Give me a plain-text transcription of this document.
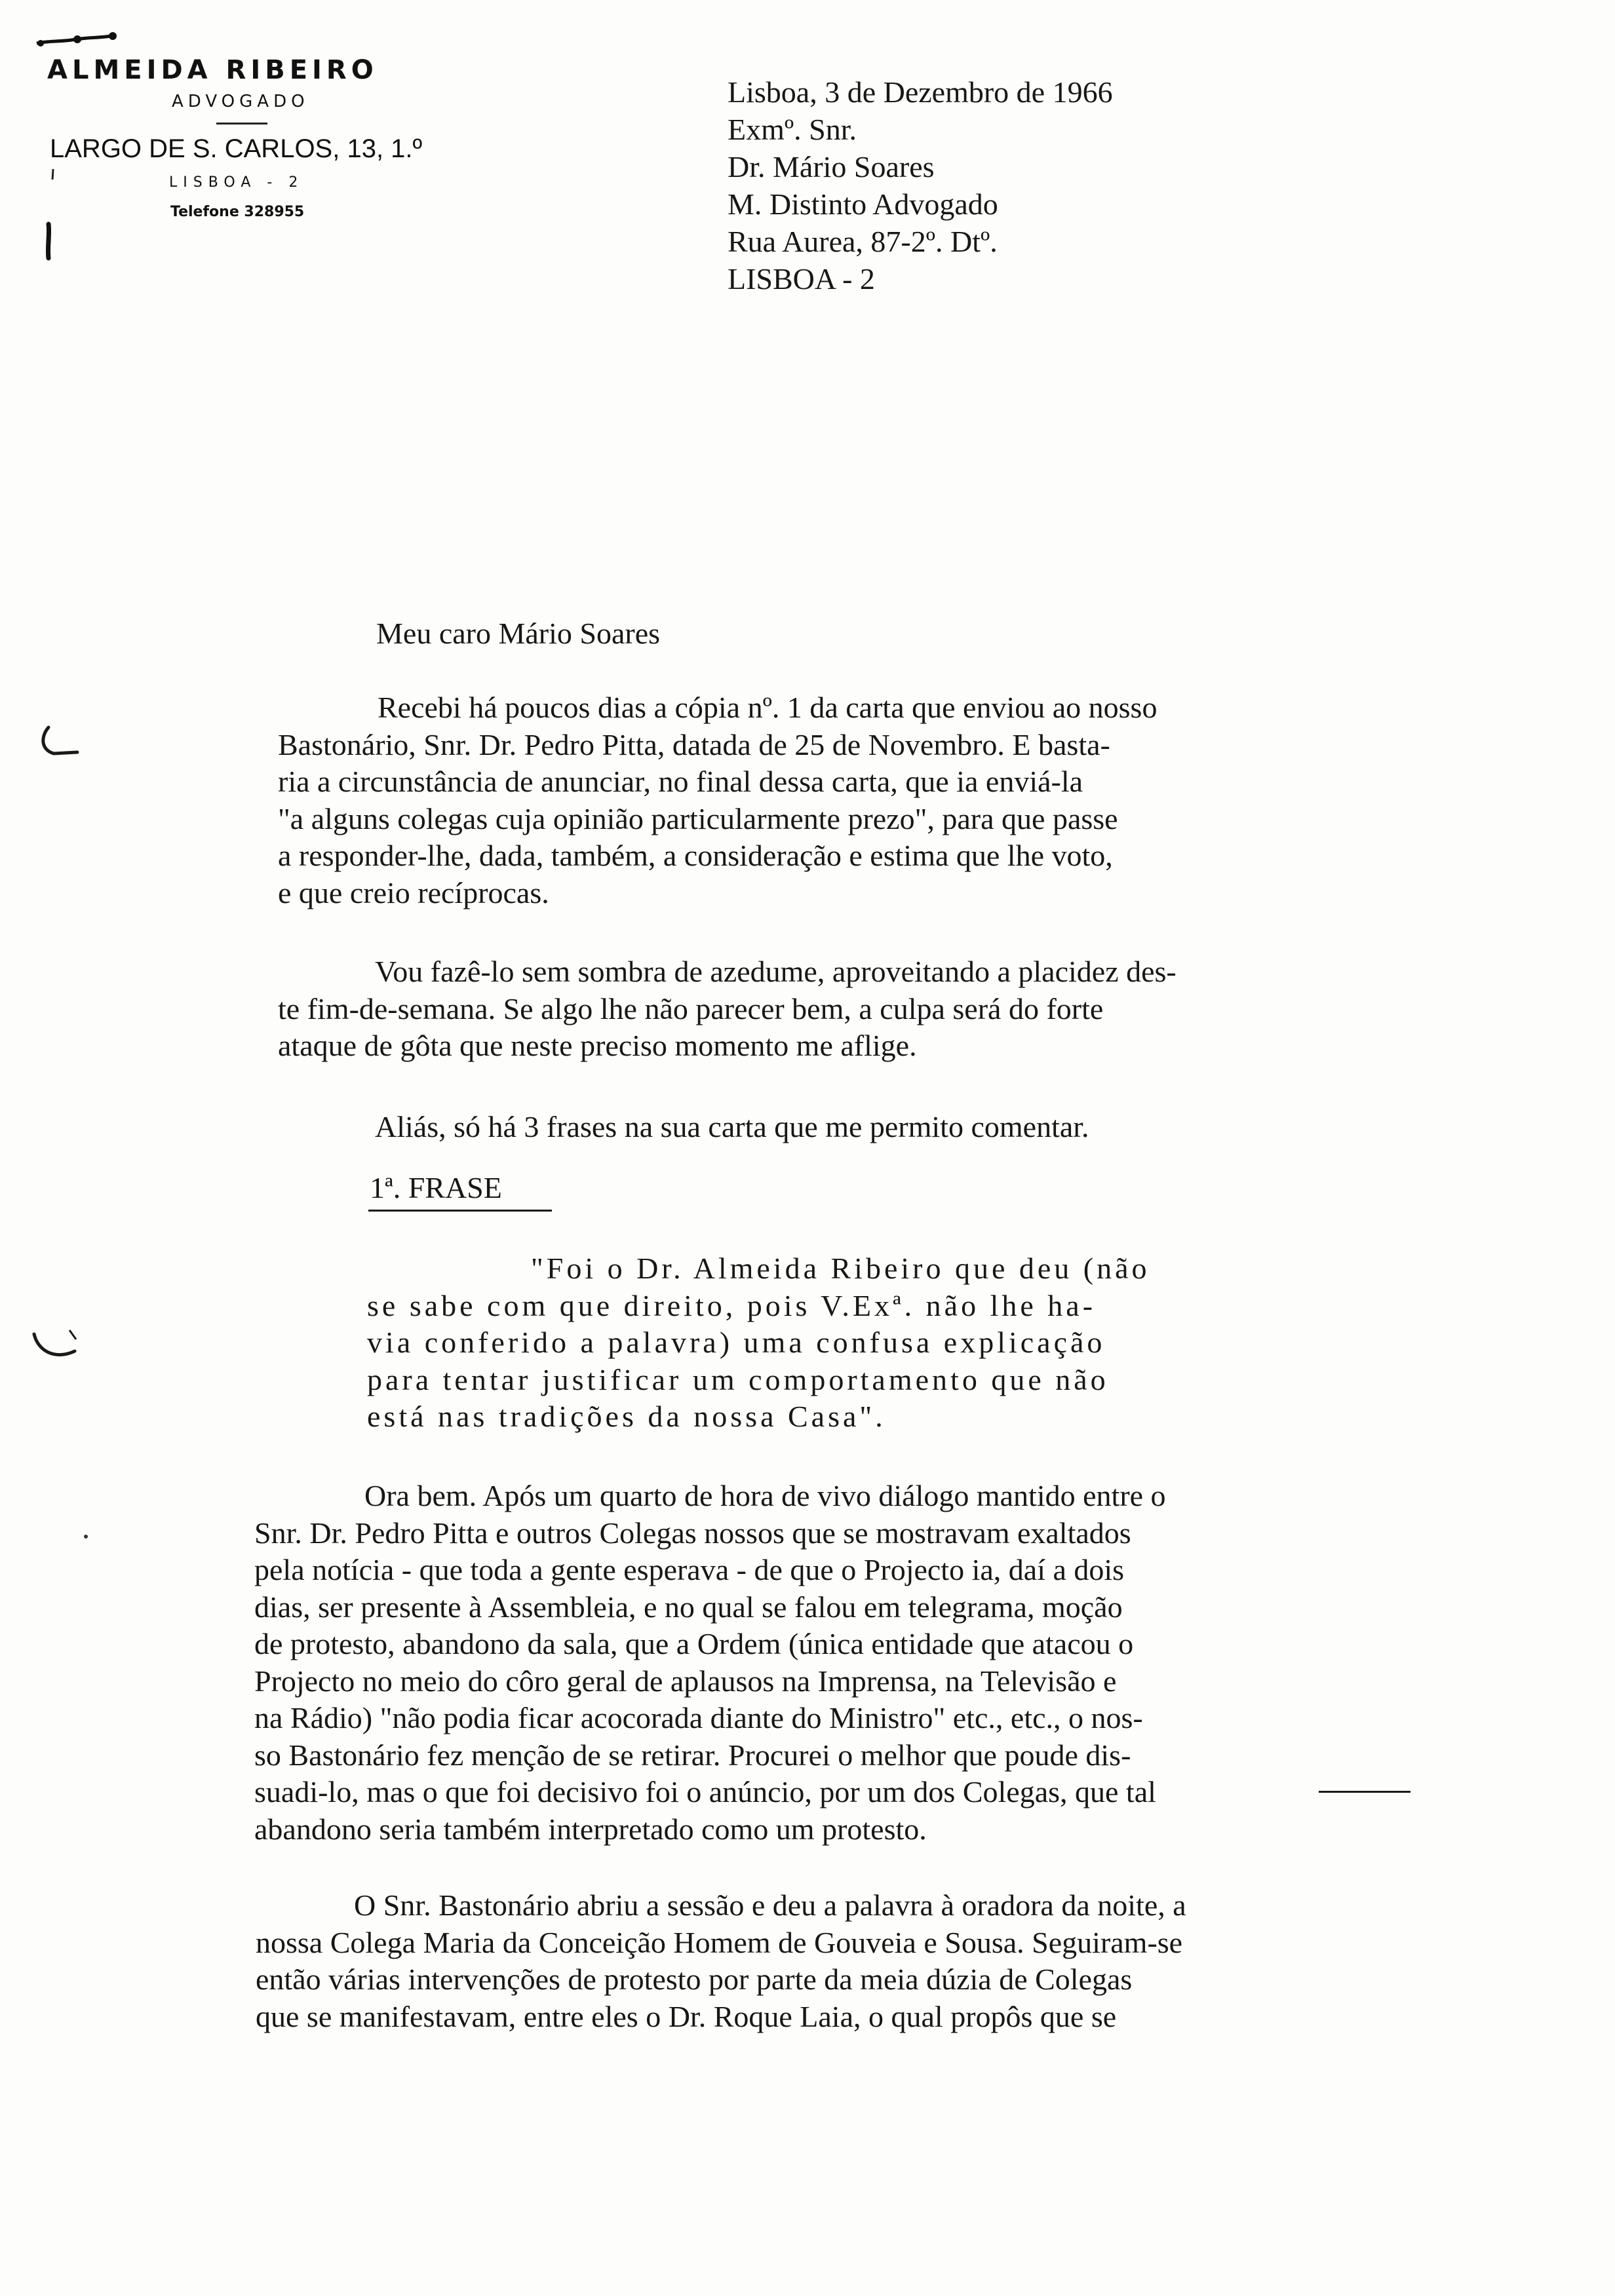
ALMEIDA RIBEIRO
ADVOGADO
LARGO DE S. CARLOS, 13, 1.º
LISBOA - 2
Telefone 328955
Lisboa, 3 de Dezembro de 1966
Exmº. Snr.
Dr. Mário Soares
M. Distinto Advogado
Rua Aurea, 87-2º. Dtº.
LISBOA - 2
Meu caro Mário Soares
Recebi há poucos dias a cópia nº. 1 da carta que enviou ao nosso
Bastonário, Snr. Dr. Pedro Pitta, datada de 25 de Novembro. E basta-
ria a circunstância de anunciar, no final dessa carta, que ia enviá-la
"a alguns colegas cuja opinião particularmente prezo", para que passe
a responder-lhe, dada, também, a consideração e estima que lhe voto,
e que creio recíprocas.
Vou fazê-lo sem sombra de azedume, aproveitando a placidez des-
te fim-de-semana. Se algo lhe não parecer bem, a culpa será do forte
ataque de gôta que neste preciso momento me aflige.
Aliás, só há 3 frases na sua carta que me permito comentar.
1ª. FRASE
"Foi o Dr. Almeida Ribeiro que deu (não
se sabe com que direito, pois V.Exª. não lhe ha-
via conferido a palavra) uma confusa explicação
para tentar justificar um comportamento que não
está nas tradições da nossa Casa".
Ora bem. Após um quarto de hora de vivo diálogo mantido entre o
Snr. Dr. Pedro Pitta e outros Colegas nossos que se mostravam exaltados
pela notícia - que toda a gente esperava - de que o Projecto ia, daí a dois
dias, ser presente à Assembleia, e no qual se falou em telegrama, moção
de protesto, abandono da sala, que a Ordem (única entidade que atacou o
Projecto no meio do côro geral de aplausos na Imprensa, na Televisão e
na Rádio) "não podia ficar acocorada diante do Ministro" etc., etc., o nos-
so Bastonário fez menção de se retirar. Procurei o melhor que poude dis-
suadi-lo, mas o que foi decisivo foi o anúncio, por um dos Colegas, que tal
abandono seria também interpretado como um protesto.
O Snr. Bastonário abriu a sessão e deu a palavra à oradora da noite, a
nossa Colega Maria da Conceição Homem de Gouveia e Sousa. Seguiram-se
então várias intervenções de protesto por parte da meia dúzia de Colegas
que se manifestavam, entre eles o Dr. Roque Laia, o qual propôs que se
